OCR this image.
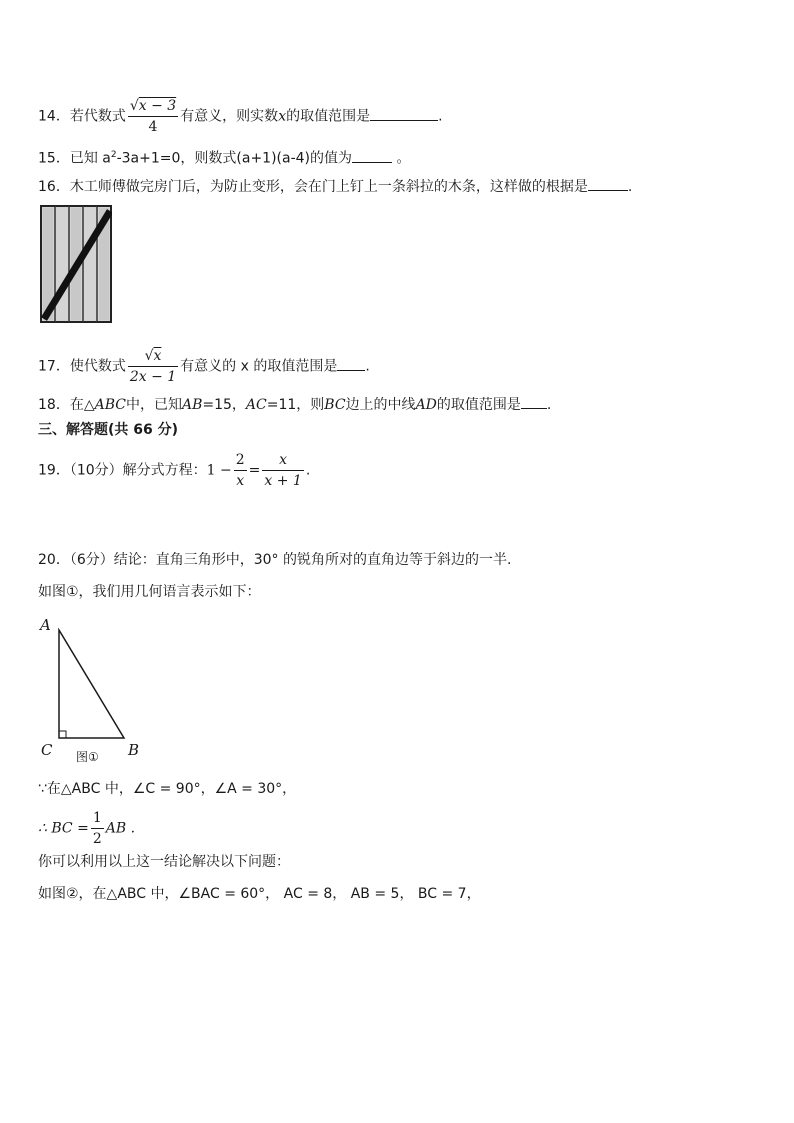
14．若代数式 $\frac{√x - 3}{4}$ 有意义，则实数x的取值范围是	.
15．已知 $a^2-3a+1=0$，则数式(a+1)(a-4)的值为	。
16．木工师傅做完房门后，为防止变形，会在门上钉上一条斜拉的木条，这样做的根据是	.
17．使代数式 $\frac{√x}{2x - 1}$ 有意义的 x 的取值范围是 .
18．在△ABC中，已知AB=15，AC=11，则BC边上的中线AD的取值范围是 .
三、解答题(共 66 分)
19．（10分）解分式方程：$1 - \frac{2}{x} = \frac{x}{x + 1}$ .
20．（6分）结论：直角三角形中，30° 的锐角所对的直角边等于斜边的一半.
如图①，我们用几何语言表示如下：
A
C	B
图①
∵在△ABC 中，∠C = 90°，∠A = 30°，
∴ BC = $\frac{1}{2}$ AB .
你可以利用以上这一结论解决以下问题：
如图②，在△ABC 中，∠BAC = 60°， AC = 8， AB = 5， BC = 7，
